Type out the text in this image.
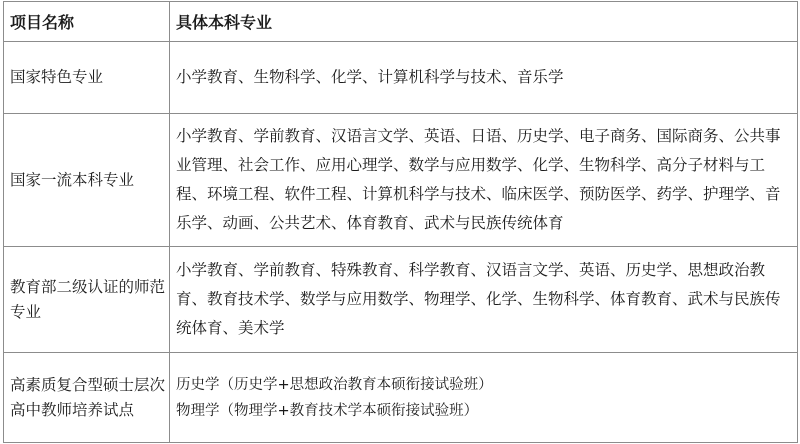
项目名称	具体本科专业
国家特色专业	小学教育、生物科学、化学、计算机科学与技术、音乐学
国家一流本科专业	小学教育、学前教育、汉语言文学、英语、日语、历史学、电子商务、国际商务、公共事业管理、社会工作、应用心理学、数学与应用数学、化学、生物科学、高分子材料与工程、环境工程、软件工程、计算机科学与技术、临床医学、预防医学、药学、护理学、音乐学、动画、公共艺术、体育教育、武术与民族传统体育
教育部二级认证的师范专业	小学教育、学前教育、特殊教育、科学教育、汉语言文学、英语、历史学、思想政治教育、教育技术学、数学与应用数学、物理学、化学、生物科学、体育教育、武术与民族传统体育、美术学
高素质复合型硕士层次高中教师培养试点	历史学（历史学+思想政治教育本硕衔接试验班）
物理学（物理学+教育技术学本硕衔接试验班）
